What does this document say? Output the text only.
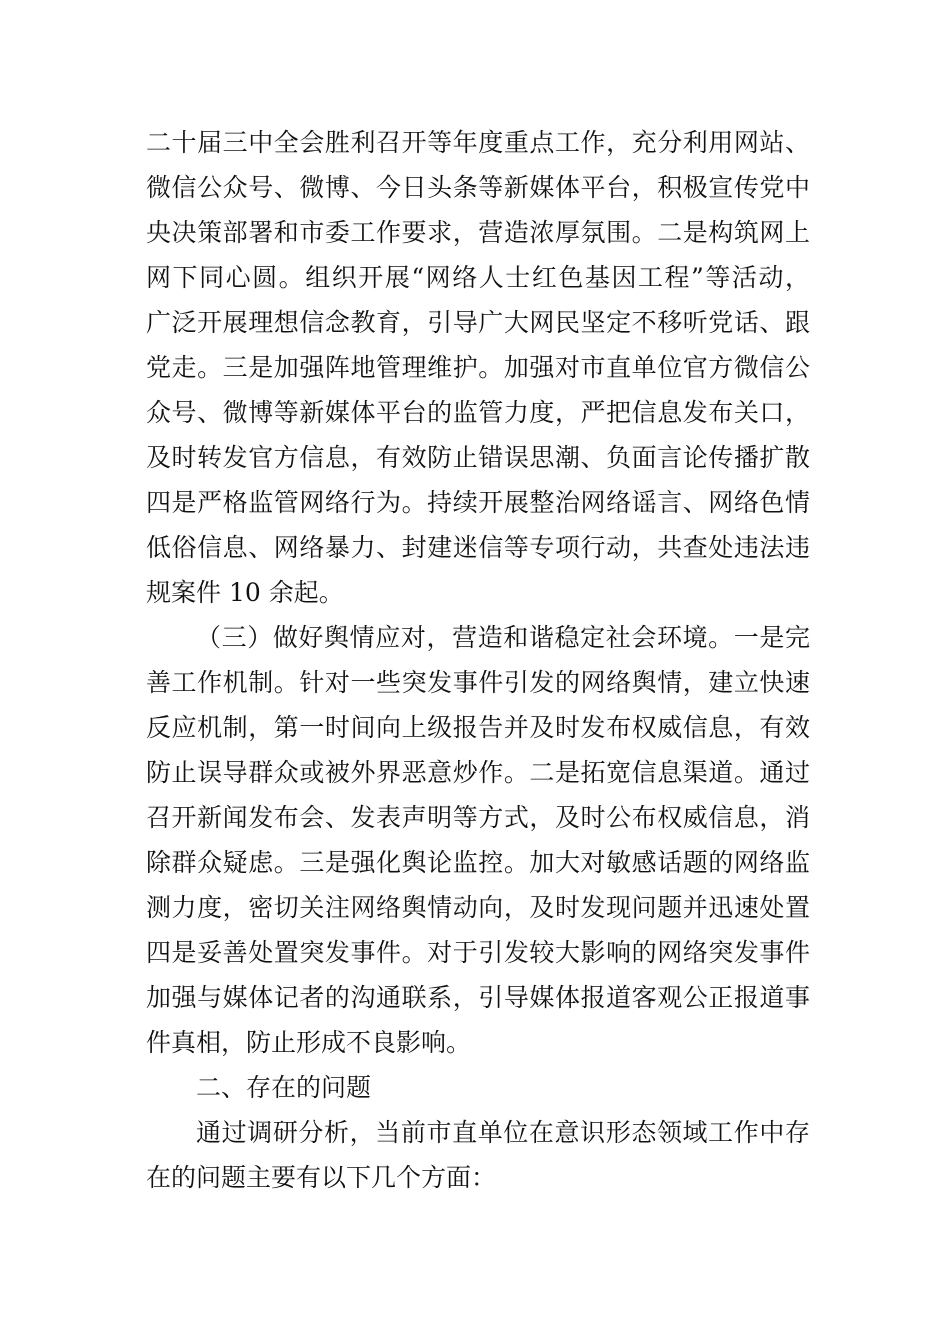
二十届三中全会胜利召开等年度重点工作，充分利用网站、
微信公众号、微博、今日头条等新媒体平台，积极宣传党中
央决策部署和市委工作要求，营造浓厚氛围。二是构筑网上
网下同心圆。组织开展“网络人士红色基因工程”等活动，
广泛开展理想信念教育，引导广大网民坚定不移听党话、跟
党走。三是加强阵地管理维护。加强对市直单位官方微信公
众号、微博等新媒体平台的监管力度，严把信息发布关口，
及时转发官方信息，有效防止错误思潮、负面言论传播扩散
四是严格监管网络行为。持续开展整治网络谣言、网络色情
低俗信息、网络暴力、封建迷信等专项行动，共查处违法违
规案件 10 余起。
（三）做好舆情应对，营造和谐稳定社会环境。一是完
善工作机制。针对一些突发事件引发的网络舆情，建立快速
反应机制，第一时间向上级报告并及时发布权威信息，有效
防止误导群众或被外界恶意炒作。二是拓宽信息渠道。通过
召开新闻发布会、发表声明等方式，及时公布权威信息，消
除群众疑虑。三是强化舆论监控。加大对敏感话题的网络监
测力度，密切关注网络舆情动向，及时发现问题并迅速处置
四是妥善处置突发事件。对于引发较大影响的网络突发事件
加强与媒体记者的沟通联系，引导媒体报道客观公正报道事
件真相，防止形成不良影响。
二、存在的问题
通过调研分析，当前市直单位在意识形态领域工作中存
在的问题主要有以下几个方面：
